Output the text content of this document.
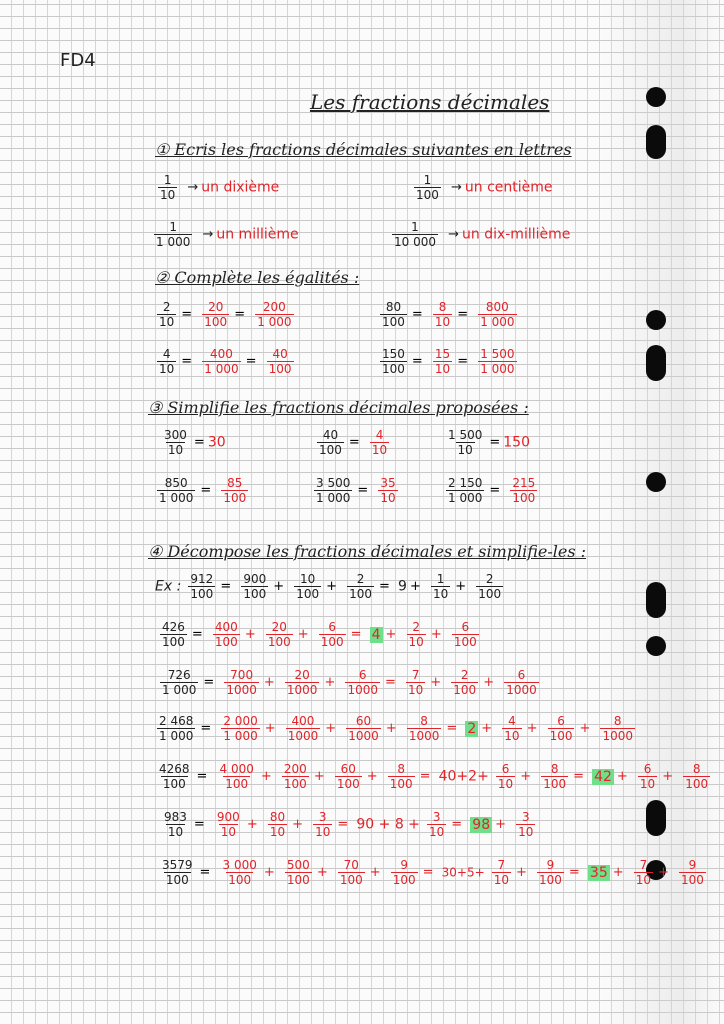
FD4
Les fractions décimales
① Ecris les fractions décimales suivantes en lettres
$\frac{1}{10}$ → un dixième	$\frac{1}{100}$ → un centième
$\frac{1}{1 000}$ → un millième	$\frac{1}{10 000}$ → un dix-millième
② Complète les égalités :
$\frac{2}{10} = \frac{20}{100} = \frac{200}{1 000}$	$\frac{80}{100} = \frac{8}{10} = \frac{800}{1 000}$
$\frac{4}{10} = \frac{400}{1 000} = \frac{40}{100}$	$\frac{150}{100} = \frac{15}{10} = \frac{1 500}{1 000}$
③ Simplifie les fractions décimales proposées :
$\frac{300}{10} = 30$	$\frac{40}{100} = \frac{4}{10}$	$\frac{1 500}{10} = 150$
$\frac{850}{1 000} = \frac{85}{100}$	$\frac{3 500}{1 000} = \frac{35}{10}$	$\frac{2 150}{1 000} = \frac{215}{100}$
④ Décompose les fractions décimales et simplifie-les :
Ex : $\frac{912}{100} = \frac{900}{100} + \frac{10}{100} + \frac{2}{100} = 9 + \frac{1}{10} + \frac{2}{100}$
$\frac{426}{100} = \frac{400}{100} + \frac{20}{100} + \frac{6}{100} = 4 + \frac{2}{10} + \frac{6}{100}$
$\frac{726}{1 000} = \frac{700}{1000} + \frac{20}{1000} + \frac{6}{1000} = \frac{7}{10} + \frac{2}{100} + \frac{6}{1000}$
$\frac{2 468}{1 000} = \frac{2 000}{1 000} + \frac{400}{1000} + \frac{60}{1000} + \frac{8}{1000} = 2 + \frac{4}{10} + \frac{6}{100} + \frac{8}{1000}$
$\frac{4268}{100} = \frac{4 000}{100} + \frac{200}{100} + \frac{60}{100} + \frac{8}{100} = 40+2+ \frac{6}{10} + \frac{8}{100} = 42 + \frac{6}{10} + \frac{8}{100}$
$\frac{983}{10} = \frac{900}{10} + \frac{80}{10} + \frac{3}{10} = 90 + 8 + \frac{3}{10} = 98 + \frac{3}{10}$
$\frac{3579}{100} = \frac{3 000}{100} + \frac{500}{100} + \frac{70}{100} + \frac{9}{100} = 30+5+ \frac{7}{10} + \frac{9}{100} = 35 + \frac{7}{10} + \frac{9}{100}$
